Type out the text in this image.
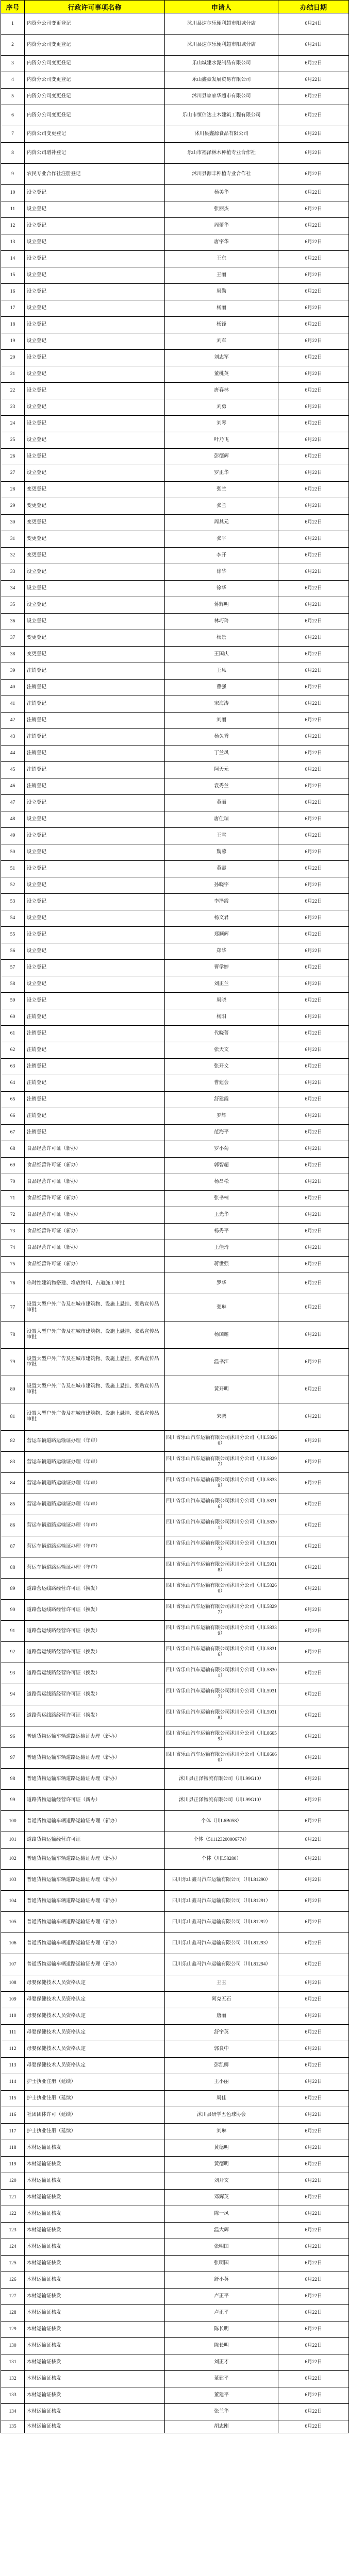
序号	行政许可事项名称	申请人	办结日期
1	内资分公司变更登记	沭川县速尔乐便利超市阳城分店	6月24日
2	内资分公司变更登记	沭川县速尔乐便利超市阳城分店	6月24日
3	内资分公司变更登记	乐山城建水泥制品有限公司	6月22日
4	内资分公司变更登记	乐山鑫豪发展贸易有限公司	6月22日
5	内资分公司变更登记	沭川县家家华超市有限公司	6月22日
6	内资分公司变更登记	乐山市恒信达土木建筑工程有限公司	6月22日
7	内资公司变更登记	沭川县鑫源食品有限公司	6月22日
8	内资公司增补登记	乐山市福泽林木种植专业合作社	6月22日
9	农民专业合作社注册登记	沭川县源丰种植专业合作社	6月22日
10	设立登记	杨美华	6月22日
11	设立登记	张丽杰	6月22日
12	设立登记	周蕾华	6月22日
13	设立登记	唐宇华	6月22日
14	设立登记	王东	6月22日
15	设立登记	王丽	6月22日
16	设立登记	周勤	6月22日
17	设立登记	杨丽	6月22日
18	设立登记	杨锋	6月22日
19	设立登记	刘军	6月22日
20	设立登记	刘志军	6月22日
21	设立登记	董桃英	6月22日
22	设立登记	唐春林	6月22日
23	设立登记	刘勇	6月22日
24	设立登记	刘琴	6月22日
25	设立登记	叶乃飞	6月22日
26	设立登记	彭德辉	6月22日
27	设立登记	罗正华	6月22日
28	变更登记	张兰	6月22日
29	变更登记	张兰	6月22日
30	变更登记	周其元	6月22日
31	变更登记	张平	6月22日
32	变更登记	李开	6月22日
33	设立登记	徐华	6月22日
34	设立登记	徐华	6月22日
35	设立登记	蒋辉明	6月22日
36	设立登记	林巧玲	6月22日
37	变更登记	杨景	6月22日
38	变更登记	王国庆	6月22日
39	注销登记	王凤	6月22日
40	注销登记	曹强	6月22日
41	注销登记	宋海涛	6月22日
42	注销登记	刘丽	6月22日
43	注销登记	杨久秀	6月22日
44	注销登记	丁兰凤	6月22日
45	注销登记	阿天元	6月22日
46	注销登记	袁秀兰	6月22日
47	设立登记	黄丽	6月22日
48	设立登记	唐佳瑞	6月22日
49	设立登记	王雪	6月22日
50	设立登记	魏蓉	6月22日
51	设立登记	黄霞	6月22日
52	设立登记	孙晓宇	6月22日
53	设立登记	李泽霞	6月22日
54	设立登记	杨文君	6月22日
55	设立登记	郑顺辉	6月22日
56	设立登记	郑华	6月22日
57	设立登记	曹学婷	6月22日
58	设立登记	刘正兰	6月22日
59	设立登记	周晓	6月22日
60	注销登记	杨阳	6月22日
61	注销登记	代晓菁	6月22日
62	注销登记	张天文	6月22日
63	注销登记	张开文	6月22日
64	注销登记	曹建会	6月22日
65	注销登记	舒建霞	6月22日
66	注销登记	罗辉	6月22日
67	注销登记	范海平	6月22日
68	食品经营许可证（新办）	罗小菊	6月22日
69	食品经营许可证（新办）	郭智超	6月22日
70	食品经营许可证（新办）	杨昌松	6月22日
71	食品经营许可证（新办）	张书楠	6月22日
72	食品经营许可证（新办）	王光华	6月22日
73	食品经营许可证（新办）	杨秀平	6月22日
74	食品经营许可证（新办）	王佳琦	6月22日
75	食品经营许可证（新办）	蒋世强	6月22日
76	临时性建筑物搭建、堆放物料、占道施工审批	罗华	6月22日
77	设置大型户外广告及在城市建筑物、设施上悬挂、张贴宣传品审批	张琳	6月22日
78	设置大型户外广告及在城市建筑物、设施上悬挂、张贴宣传品审批	杨国耀	6月22日
79	设置大型户外广告及在城市建筑物、设施上悬挂、张贴宣传品审批	温书江	6月22日
80	设置大型户外广告及在城市建筑物、设施上悬挂、张贴宣传品审批	黄开明	6月22日
81	设置大型户外广告及在城市建筑物、设施上悬挂、张贴宣传品审批	宋鹏	6月22日
82	营运车辆道路运输证办理（年审）	四川省乐山汽车运输有限公司沭川分公司（川L58260）	6月22日
83	营运车辆道路运输证办理（年审）	四川省乐山汽车运输有限公司沭川分公司（川L58297）	6月22日
84	营运车辆道路运输证办理（年审）	四川省乐山汽车运输有限公司沭川分公司（川L58339）	6月22日
85	营运车辆道路运输证办理（年审）	四川省乐山汽车运输有限公司沭川分公司（川L58316）	6月22日
86	营运车辆道路运输证办理（年审）	四川省乐山汽车运输有限公司沭川分公司（川L58301）	6月22日
87	营运车辆道路运输证办理（年审）	四川省乐山汽车运输有限公司沭川分公司（川L59317）	6月22日
88	营运车辆道路运输证办理（年审）	四川省乐山汽车运输有限公司沭川分公司（川L59318）	6月22日
89	道路营运线路经营许可证（换发）	四川省乐山汽车运输有限公司沭川分公司（川L58260）	6月22日
90	道路营运线路经营许可证（换发）	四川省乐山汽车运输有限公司沭川分公司（川L58297）	6月22日
91	道路营运线路经营许可证（换发）	四川省乐山汽车运输有限公司沭川分公司（川L58339）	6月22日
92	道路营运线路经营许可证（换发）	四川省乐山汽车运输有限公司沭川分公司（川L58316）	6月22日
93	道路营运线路经营许可证（换发）	四川省乐山汽车运输有限公司沭川分公司（川L58301）	6月22日
94	道路营运线路经营许可证（换发）	四川省乐山汽车运输有限公司沭川分公司（川L59317）	6月22日
95	道路营运线路经营许可证（换发）	四川省乐山汽车运输有限公司沭川分公司（川L59318）	6月22日
96	普通货物运输车辆道路运输证办理（新办）	四川省乐山汽车运输有限公司沭川分公司（川L86059）	6月22日
97	普通货物运输车辆道路运输证办理（新办）	四川省乐山汽车运输有限公司沭川分公司（川L86060）	6月22日
98	普通货物运输车辆道路运输证办理（新办）	沭川县正泽物流有限公司（川L99G10）	6月22日
99	道路货物运输经营许可证（新办）	沭川县正泽物流有限公司（川L99G10）	6月22日
100	普通货物运输车辆道路运输证办理（新办）	个体（川L6B058）	6月22日
101	道路货物运输经营许可证	个体（511123200006774）	6月22日
102	普通货物运输车辆道路运输证办理（新办）	个体（川L58280）	6月22日
103	普通货物运输车辆道路运输证办理（新办）	四川乐山鑫马汽车运输有限公司（川L81290）	6月22日
104	普通货物运输车辆道路运输证办理（新办）	四川乐山鑫马汽车运输有限公司（川L81291）	6月22日
105	普通货物运输车辆道路运输证办理（新办）	四川乐山鑫马汽车运输有限公司（川L81292）	6月22日
106	普通货物运输车辆道路运输证办理（新办）	四川乐山鑫马汽车运输有限公司（川L81293）	6月22日
107	普通货物运输车辆道路运输证办理（新办）	四川乐山鑫马汽车运输有限公司（川L81294）	6月22日
108	母婴保健技术人员资格认定	王玉	6月22日
109	母婴保健技术人员资格认定	阿克五石	6月22日
110	母婴保健技术人员资格认定	唐丽	6月22日
111	母婴保健技术人员资格认定	舒宇英	6月22日
112	母婴保健技术人员资格认定	郭良中	6月22日
113	母婴保健技术人员资格认定	彭凯卿	6月22日
114	护士执业注册（延续）	王小丽	6月22日
115	护士执业注册（延续）	周佳	6月22日
116	社团团体许可（延续）	沭川县研学五色球协会	6月22日
117	护士执业注册（延续）	刘琳	6月22日
118	木材运输证核发	黄德明	6月22日
119	木材运输证核发	黄德明	6月22日
120	木材运输证核发	刘开文	6月22日
121	木材运输证核发	邓辉英	6月22日
122	木材运输证核发	陈一凤	6月22日
123	木材运输证核发	温大辉	6月22日
124	木材运输证核发	张明国	6月22日
125	木材运输证核发	张明国	6月22日
126	木材运输证核发	舒小英	6月22日
127	木材运输证核发	卢正平	6月22日
128	木材运输证核发	卢正平	6月22日
129	木材运输证核发	陈长明	6月22日
130	木材运输证核发	陈长明	6月22日
131	木材运输证核发	刘正才	6月22日
132	木材运输证核发	董建平	6月22日
133	木材运输证核发	董建平	6月22日
134	木材运输证核发	张兰华	6月22日
135	木材运输证核发	胡志刚	6月22日
